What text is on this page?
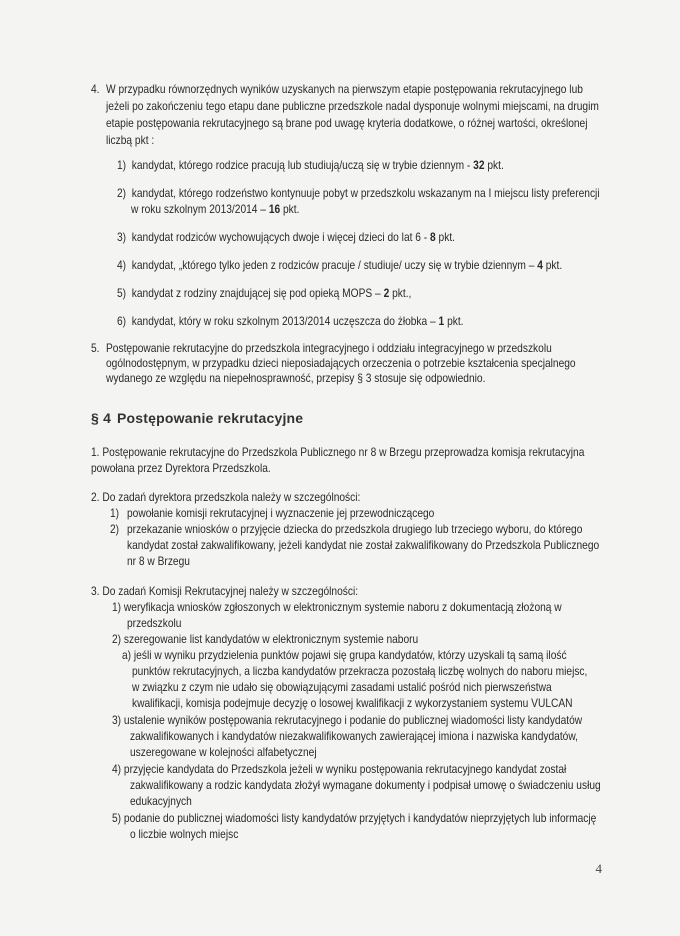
4. W przypadku równorzędnych wyników uzyskanych na pierwszym etapie postępowania rekrutacyjnego lub

jeżeli po zakończeniu tego etapu dane publiczne przedszkole nadal dysponuje wolnymi miejscami, na drugim

etapie postępowania rekrutacyjnego są brane pod uwagę kryteria dodatkowe, o różnej wartości, określonej

liczbą pkt :

1) kandydat, którego rodzice pracują lub studiują/uczą się w trybie dziennym - 32 pkt.

2) kandydat, którego rodzeństwo kontynuuje pobyt w przedszkolu wskazanym na I miejscu listy preferencji

w roku szkolnym 2013/2014 – 16 pkt.

3) kandydat rodziców wychowujących dwoje i więcej dzieci do lat 6 - 8 pkt.

4) kandydat, „którego tylko jeden z rodziców pracuje / studiuje/ uczy się w trybie dziennym – 4 pkt.

5) kandydat z rodziny znajdującej się pod opieką MOPS – 2 pkt.,

6) kandydat, który w roku szkolnym 2013/2014 uczęszcza do żłobka – 1 pkt.

5. Postępowanie rekrutacyjne do przedszkola integracyjnego i oddziału integracyjnego w przedszkolu

ogólnodostępnym, w przypadku dzieci nieposiadających orzeczenia o potrzebie kształcenia specjalnego

wydanego ze względu na niepełnosprawność, przepisy § 3 stosuje się odpowiednio.

§ 4 Postępowanie rekrutacyjne

1. Postępowanie rekrutacyjne do Przedszkola Publicznego nr 8 w Brzegu przeprowadza komisja rekrutacyjna

powołana przez Dyrektora Przedszkola.

2. Do zadań dyrektora przedszkola należy w szczególności:

1) powołanie komisji rekrutacyjnej i wyznaczenie jej przewodniczącego

2) przekazanie wniosków o przyjęcie dziecka do przedszkola drugiego lub trzeciego wyboru, do którego

kandydat został zakwalifikowany, jeżeli kandydat nie został zakwalifikowany do Przedszkola Publicznego

nr 8 w Brzegu

3. Do zadań Komisji Rekrutacyjnej należy w szczególności:

1) weryfikacja wniosków zgłoszonych w elektronicznym systemie naboru z dokumentacją złożoną w

przedszkolu

2) szeregowanie list kandydatów w elektronicznym systemie naboru

a) jeśli w wyniku przydzielenia punktów pojawi się grupa kandydatów, którzy uzyskali tą samą ilość

punktów rekrutacyjnych, a liczba kandydatów przekracza pozostałą liczbę wolnych do naboru miejsc,

w związku z czym nie udało się obowiązującymi zasadami ustalić pośród nich pierwszeństwa

kwalifikacji, komisja podejmuje decyzję o losowej kwalifikacji z wykorzystaniem systemu VULCAN

3) ustalenie wyników postępowania rekrutacyjnego i podanie do publicznej wiadomości listy kandydatów

zakwalifikowanych i kandydatów niezakwalifikowanych zawierającej imiona i nazwiska kandydatów,

uszeregowane w kolejności alfabetycznej

4) przyjęcie kandydata do Przedszkola jeżeli w wyniku postępowania rekrutacyjnego kandydat został

zakwalifikowany a rodzic kandydata złożył wymagane dokumenty i podpisał umowę o świadczeniu usług

edukacyjnych

5) podanie do publicznej wiadomości listy kandydatów przyjętych i kandydatów nieprzyjętych lub informację

o liczbie wolnych miejsc

4
